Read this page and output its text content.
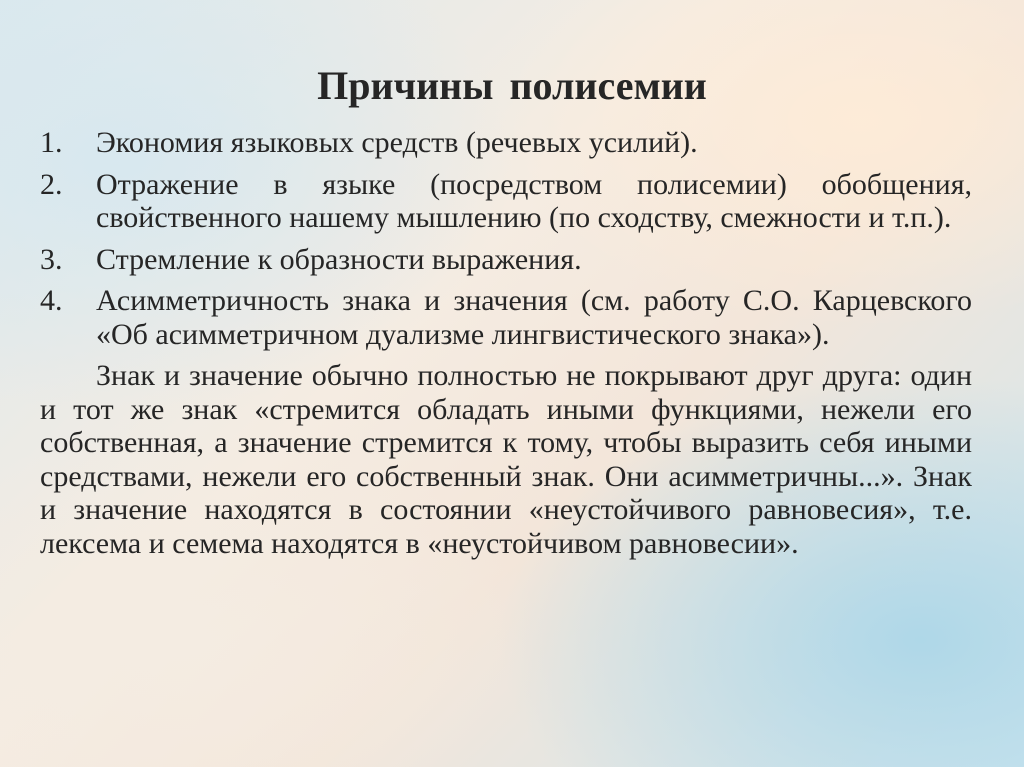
Причины полисемии
1.	Экономия языковых средств (речевых усилий).
2.	Отражение в языке (посредством полисемии) обобщения, свойственного нашему мышлению (по сходству, смежности и т.п.).
3.	Стремление к образности выражения.
4.	Асимметричность знака и значения (см. работу С.О. Карцевского «Об асимметричном дуализме лингвистического знака»).

Знак и значение обычно полностью не покрывают друг друга: один и тот же знак «стремится обладать иными функциями, нежели его собственная, а значение стремится к тому, чтобы выразить себя иными средствами, нежели его собственный знак. Они асимметричны...». Знак и значение находятся в состоянии «неустойчивого равновесия», т.е. лексема и семема находятся в «неустойчивом равновесии».
